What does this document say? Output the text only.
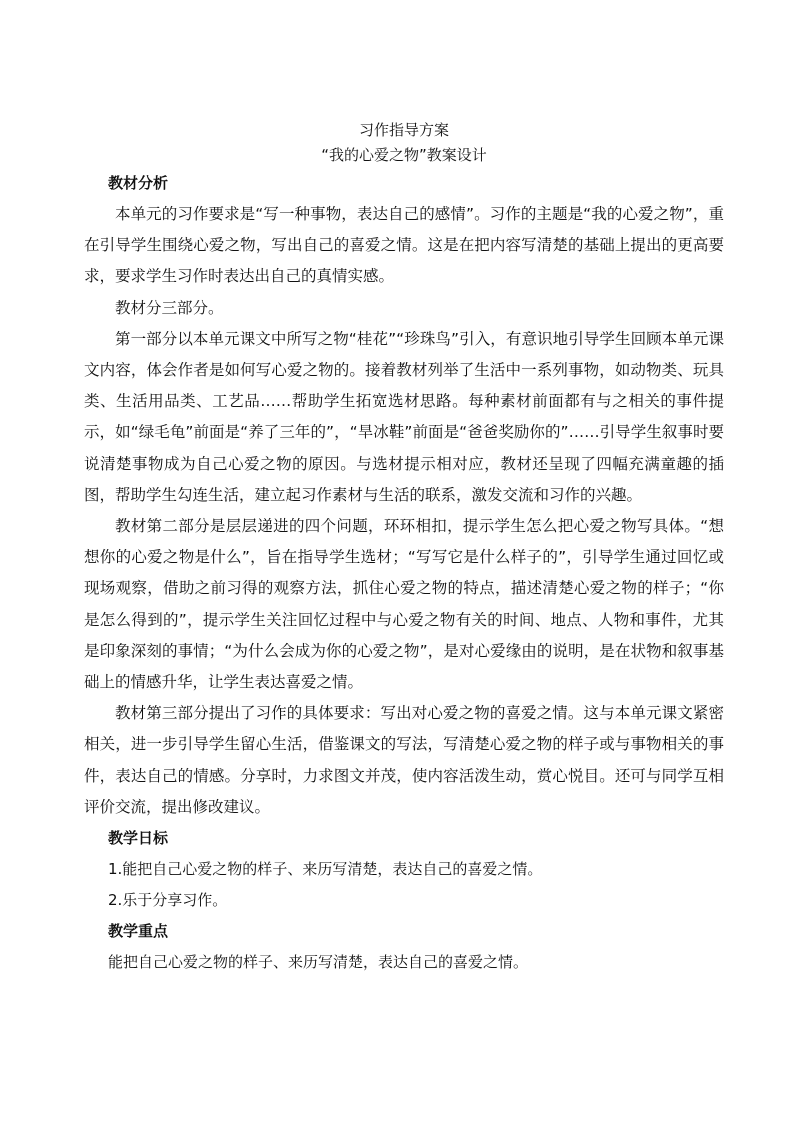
习作指导方案

“我的心爱之物”教案设计

教材分析

本单元的习作要求是“写一种事物，表达自己的感情”。习作的主题是“我的心爱之物”，重在引导学生围绕心爱之物，写出自己的喜爱之情。这是在把内容写清楚的基础上提出的更高要求，要求学生习作时表达出自己的真情实感。

教材分三部分。

第一部分以本单元课文中所写之物“桂花”“珍珠鸟”引入，有意识地引导学生回顾本单元课文内容，体会作者是如何写心爱之物的。接着教材列举了生活中一系列事物，如动物类、玩具类、生活用品类、工艺品……帮助学生拓宽选材思路。每种素材前面都有与之相关的事件提示，如“绿毛龟”前面是“养了三年的”，“旱冰鞋”前面是“爸爸奖励你的”……引导学生叙事时要说清楚事物成为自己心爱之物的原因。与选材提示相对应，教材还呈现了四幅充满童趣的插图，帮助学生勾连生活，建立起习作素材与生活的联系，激发交流和习作的兴趣。

教材第二部分是层层递进的四个问题，环环相扣，提示学生怎么把心爱之物写具体。“想想你的心爱之物是什么”，旨在指导学生选材；“写写它是什么样子的”，引导学生通过回忆或现场观察，借助之前习得的观察方法，抓住心爱之物的特点，描述清楚心爱之物的样子；“你是怎么得到的”，提示学生关注回忆过程中与心爱之物有关的时间、地点、人物和事件，尤其是印象深刻的事情；“为什么会成为你的心爱之物”，是对心爱缘由的说明，是在状物和叙事基础上的情感升华，让学生表达喜爱之情。

教材第三部分提出了习作的具体要求：写出对心爱之物的喜爱之情。这与本单元课文紧密相关，进一步引导学生留心生活，借鉴课文的写法，写清楚心爱之物的样子或与事物相关的事件，表达自己的情感。分享时，力求图文并茂，使内容活泼生动，赏心悦目。还可与同学互相评价交流，提出修改建议。

教学日标

1.能把自己心爱之物的样子、来历写清楚，表达自己的喜爱之情。

2.乐于分享习作。

教学重点

能把自己心爱之物的样子、来历写清楚，表达自己的喜爱之情。
